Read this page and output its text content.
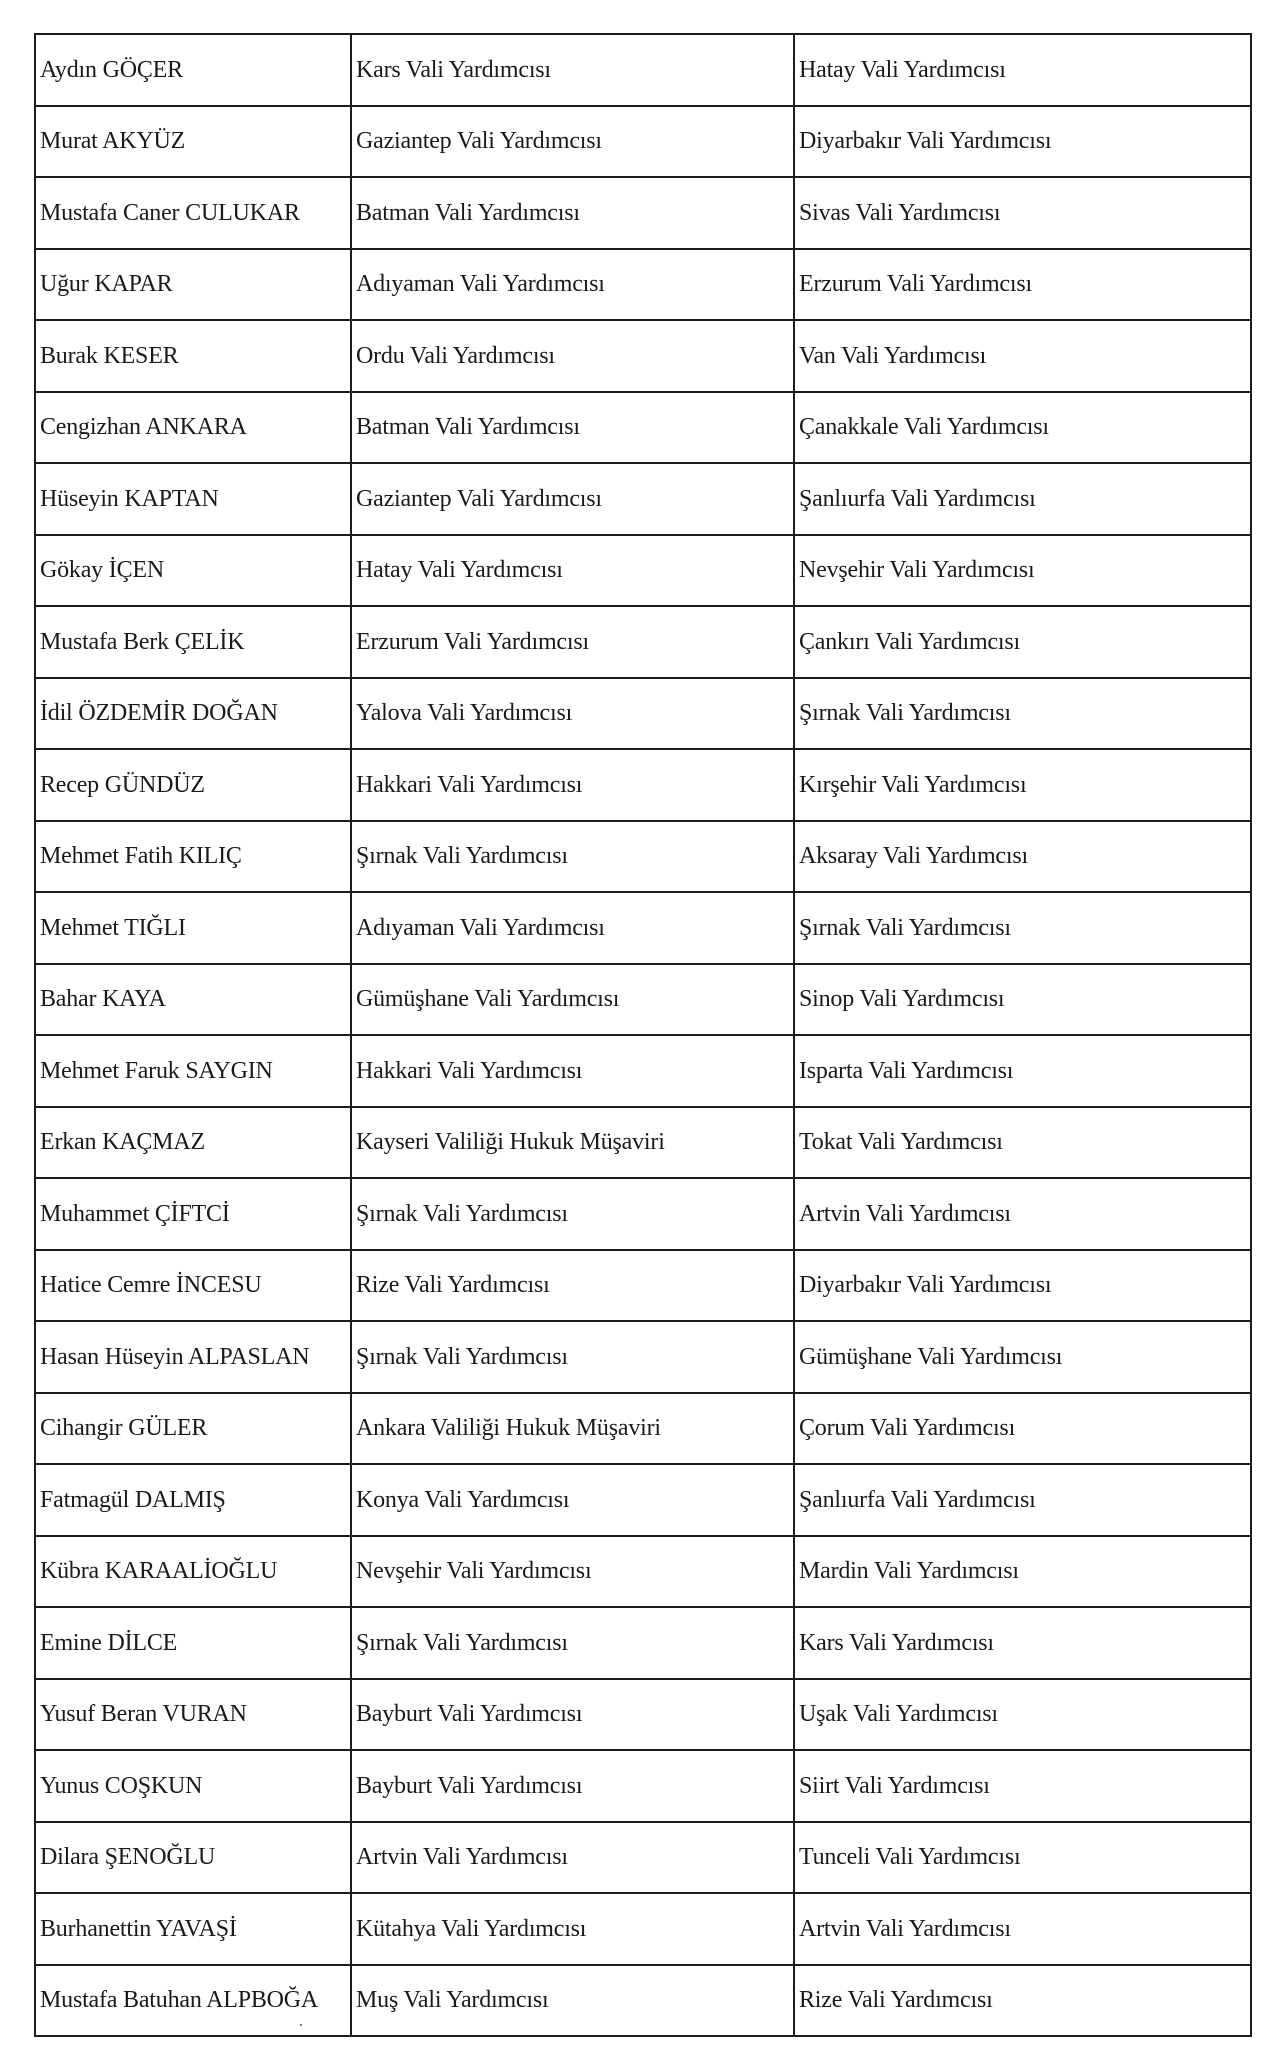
Aydın GÖÇER	Kars Vali Yardımcısı	Hatay Vali Yardımcısı
Murat AKYÜZ	Gaziantep Vali Yardımcısı	Diyarbakır Vali Yardımcısı
Mustafa Caner CULUKAR	Batman Vali Yardımcısı	Sivas Vali Yardımcısı
Uğur KAPAR	Adıyaman Vali Yardımcısı	Erzurum Vali Yardımcısı
Burak KESER	Ordu Vali Yardımcısı	Van Vali Yardımcısı
Cengizhan ANKARA	Batman Vali Yardımcısı	Çanakkale Vali Yardımcısı
Hüseyin KAPTAN	Gaziantep Vali Yardımcısı	Şanlıurfa Vali Yardımcısı
Gökay İÇEN	Hatay Vali Yardımcısı	Nevşehir Vali Yardımcısı
Mustafa Berk ÇELİK	Erzurum Vali Yardımcısı	Çankırı Vali Yardımcısı
İdil ÖZDEMİR DOĞAN	Yalova Vali Yardımcısı	Şırnak Vali Yardımcısı
Recep GÜNDÜZ	Hakkari Vali Yardımcısı	Kırşehir Vali Yardımcısı
Mehmet Fatih KILIÇ	Şırnak Vali Yardımcısı	Aksaray Vali Yardımcısı
Mehmet TIĞLI	Adıyaman Vali Yardımcısı	Şırnak Vali Yardımcısı
Bahar KAYA	Gümüşhane Vali Yardımcısı	Sinop Vali Yardımcısı
Mehmet Faruk SAYGIN	Hakkari Vali Yardımcısı	Isparta Vali Yardımcısı
Erkan KAÇMAZ	Kayseri Valiliği Hukuk Müşaviri	Tokat Vali Yardımcısı
Muhammet ÇİFTCİ	Şırnak Vali Yardımcısı	Artvin Vali Yardımcısı
Hatice Cemre İNCESU	Rize Vali Yardımcısı	Diyarbakır Vali Yardımcısı
Hasan Hüseyin ALPASLAN	Şırnak Vali Yardımcısı	Gümüşhane Vali Yardımcısı
Cihangir GÜLER	Ankara Valiliği Hukuk Müşaviri	Çorum Vali Yardımcısı
Fatmagül DALMIŞ	Konya Vali Yardımcısı	Şanlıurfa Vali Yardımcısı
Kübra KARAALİOĞLU	Nevşehir Vali Yardımcısı	Mardin Vali Yardımcısı
Emine DİLCE	Şırnak Vali Yardımcısı	Kars Vali Yardımcısı
Yusuf Beran VURAN	Bayburt Vali Yardımcısı	Uşak Vali Yardımcısı
Yunus COŞKUN	Bayburt Vali Yardımcısı	Siirt Vali Yardımcısı
Dilara ŞENOĞLU	Artvin Vali Yardımcısı	Tunceli Vali Yardımcısı
Burhanettin YAVAŞİ	Kütahya Vali Yardımcısı	Artvin Vali Yardımcısı
Mustafa Batuhan ALPBOĞA	Muş Vali Yardımcısı	Rize Vali Yardımcısı
